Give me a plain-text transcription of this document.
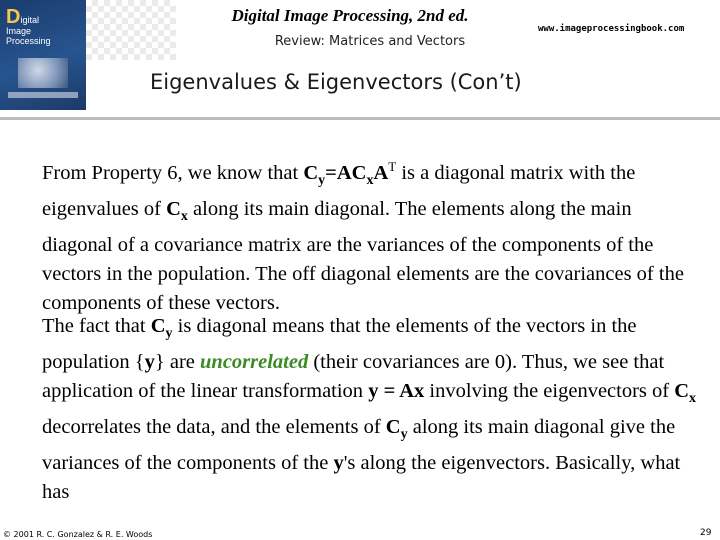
Digital
Image
Processing
Digital Image Processing, 2nd ed.
www.imageprocessingbook.com
Review: Matrices and Vectors
Eigenvalues & Eigenvectors (Con’t)
From Property 6, we know that $C_y=AC_xA^T$ is a diagonal matrix with the eigenvalues of $C_x$ along its main diagonal. The elements along the main diagonal of a covariance matrix are the variances of the components of the vectors in the population. The off diagonal elements are the covariances of the components of these vectors.
The fact that $C_y$ is diagonal means that the elements of the vectors in the population {y} are uncorrelated (their covariances are 0). Thus, we see that application of the linear transformation y = Ax involving the eigenvectors of $C_x$ decorrelates the data, and the elements of $C_y$ along its main diagonal give the variances of the components of the y's along the eigenvectors. Basically, what has
© 2001 R. C. Gonzalez & R. E. Woods	29
